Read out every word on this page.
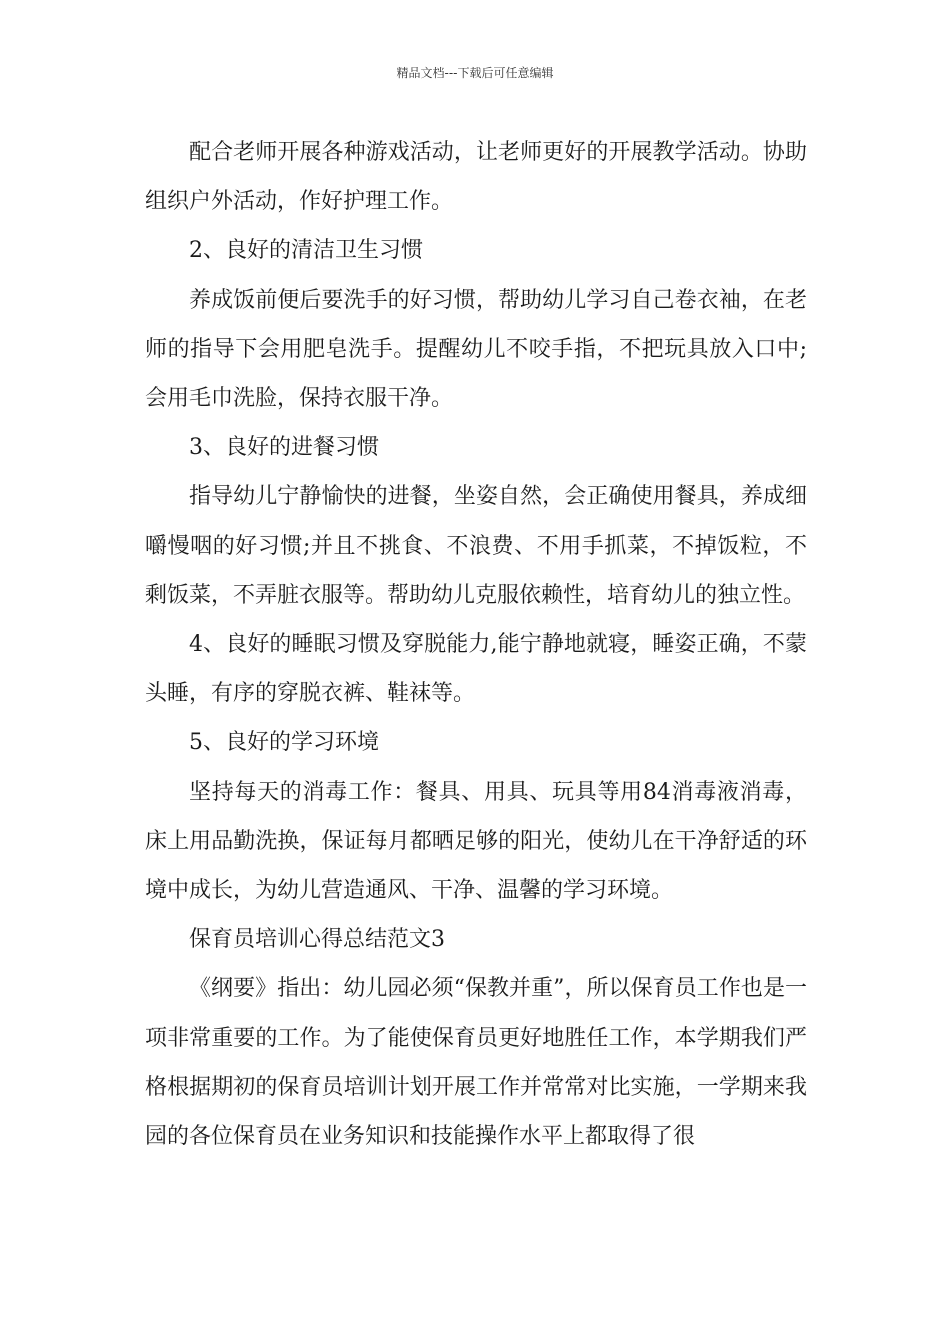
精品文档---下载后可任意编辑

配合老师开展各种游戏活动，让老师更好的开展教学活动。协助组织户外活动，作好护理工作。

2、良好的清洁卫生习惯

养成饭前便后要洗手的好习惯，帮助幼儿学习自己卷衣袖，在老师的指导下会用肥皂洗手。提醒幼儿不咬手指，不把玩具放入口中;会用毛巾洗脸，保持衣服干净。

3、良好的进餐习惯

指导幼儿宁静愉快的进餐，坐姿自然，会正确使用餐具，养成细嚼慢咽的好习惯;并且不挑食、不浪费、不用手抓菜，不掉饭粒，不剩饭菜，不弄脏衣服等。帮助幼儿克服依赖性，培育幼儿的独立性。

4、良好的睡眠习惯及穿脱能力,能宁静地就寝，睡姿正确，不蒙头睡，有序的穿脱衣裤、鞋袜等。

5、良好的学习环境

坚持每天的消毒工作：餐具、用具、玩具等用84消毒液消毒，床上用品勤洗换，保证每月都晒足够的阳光，使幼儿在干净舒适的环境中成长，为幼儿营造通风、干净、温馨的学习环境。

保育员培训心得总结范文3

《纲要》指出：幼儿园必须“保教并重”，所以保育员工作也是一项非常重要的工作。为了能使保育员更好地胜任工作，本学期我们严格根据期初的保育员培训计划开展工作并常常对比实施，一学期来我园的各位保育员在业务知识和技能操作水平上都取得了很
